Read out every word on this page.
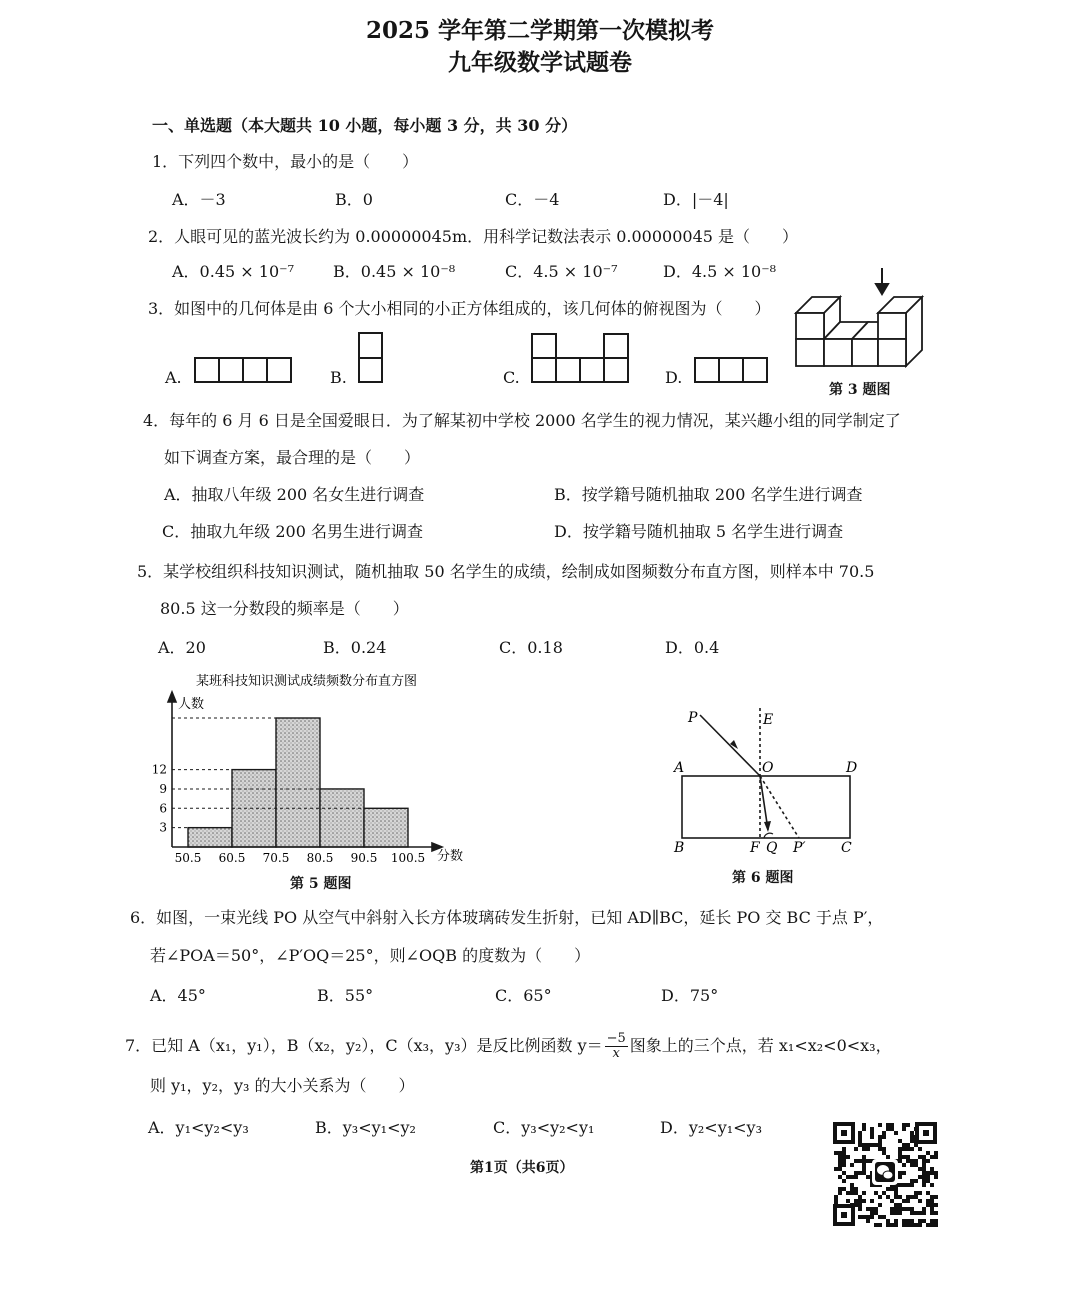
2025 学年第二学期第一次模拟考
九年级数学试题卷
一、单选题（本大题共 10 小题，每小题 3 分，共 30 分）
1．下列四个数中，最小的是（　　）
A．－3	B．0	C．－4	D．|－4|
2．人眼可见的蓝光波长约为 0.00000045m．用科学记数法表示 0.00000045 是（　　）
A．0.45 × 10⁻⁷ B．0.45 × 10⁻⁸	C．4.5 × 10⁻⁷	D．4.5 × 10⁻⁸
3．如图中的几何体是由 6 个大小相同的小正方体组成的，该几何体的俯视图为（　　）
A.	B.	C.	D.
第 3 题图
4．每年的 6 月 6 日是全国爱眼日．为了解某初中学校 2000 名学生的视力情况，某兴趣小组的同学制定了
如下调查方案，最合理的是（　　）
A．抽取八年级 200 名女生进行调查	B．按学籍号随机抽取 200 名学生进行调查
C．抽取九年级 200 名男生进行调查	D．按学籍号随机抽取 5 名学生进行调查
5．某学校组织科技知识测试，随机抽取 50 名学生的成绩，绘制成如图频数分布直方图，则样本中 70.5
80.5 这一分数段的频率是（　　）
A．20	B．0.24	C．0.18	D．0.4
某班科技知识测试成绩频数分布直方图
人数
分数
50.5 60.5 70.5 80.5 90.5 100.5
3
6
9
12
第 5 题图
P	E
A	O	D
B	F Q P′	C
第 6 题图
6．如图，一束光线 PO 从空气中斜射入长方体玻璃砖发生折射，已知 AD∥BC，延长 PO 交 BC 于点 P′，
若∠POA＝50°，∠P′OQ＝25°，则∠OQB 的度数为（　　）
A．45°	B．55°	C．65°	D．75°
7．已知 A（x₁，y₁），B（x₂，y₂），C（x₃，y₃）是反比例函数 $y= \frac{-5}{x}$ 图象上的三个点，若 x₁<x₂<0<x₃，
则 y₁，y₂，y₃ 的大小关系为（　　）
A．y₁<y₂<y₃	B．y₃<y₁<y₂	C．y₃<y₂<y₁	D．y₂<y₁<y₃
第1页（共6页）
